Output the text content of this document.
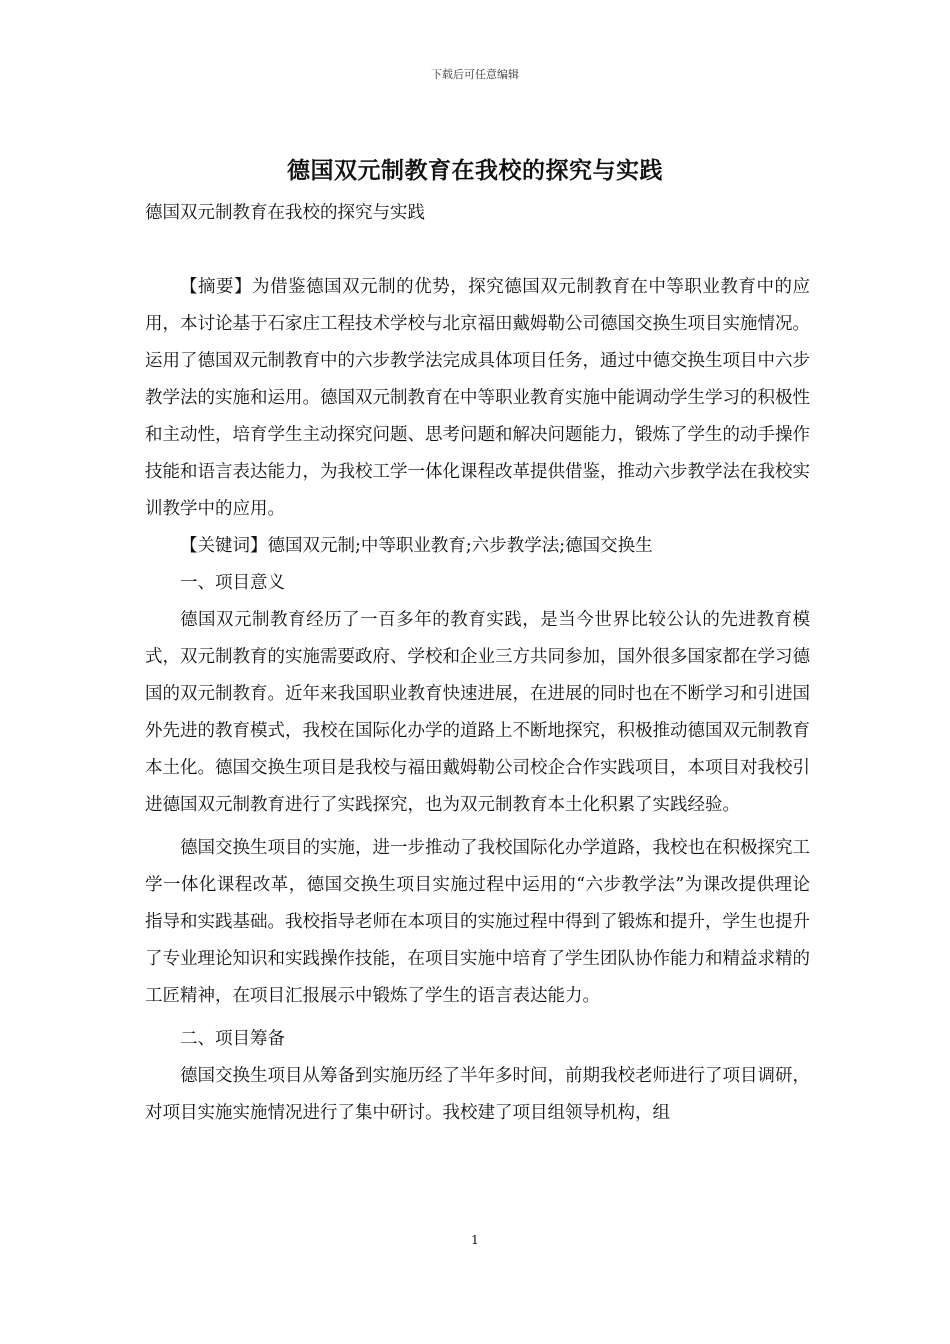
下载后可任意编辑
德国双元制教育在我校的探究与实践
德国双元制教育在我校的探究与实践

【摘要】为借鉴德国双元制的优势，探究德国双元制教育在中等职业教育中的应用，本讨论基于石家庄工程技术学校与北京福田戴姆勒公司德国交换生项目实施情况。运用了德国双元制教育中的六步教学法完成具体项目任务，通过中德交换生项目中六步教学法的实施和运用。德国双元制教育在中等职业教育实施中能调动学生学习的积极性和主动性，培育学生主动探究问题、思考问题和解决问题能力，锻炼了学生的动手操作技能和语言表达能力，为我校工学一体化课程改革提供借鉴，推动六步教学法在我校实训教学中的应用。

【关键词】德国双元制;中等职业教育;六步教学法;德国交换生

一、项目意义

德国双元制教育经历了一百多年的教育实践，是当今世界比较公认的先进教育模式，双元制教育的实施需要政府、学校和企业三方共同参加，国外很多国家都在学习德国的双元制教育。近年来我国职业教育快速进展，在进展的同时也在不断学习和引进国外先进的教育模式，我校在国际化办学的道路上不断地探究，积极推动德国双元制教育本土化。德国交换生项目是我校与福田戴姆勒公司校企合作实践项目，本项目对我校引进德国双元制教育进行了实践探究，也为双元制教育本土化积累了实践经验。

德国交换生项目的实施，进一步推动了我校国际化办学道路，我校也在积极探究工学一体化课程改革，德国交换生项目实施过程中运用的“六步教学法”为课改提供理论指导和实践基础。我校指导老师在本项目的实施过程中得到了锻炼和提升，学生也提升了专业理论知识和实践操作技能，在项目实施中培育了学生团队协作能力和精益求精的工匠精神，在项目汇报展示中锻炼了学生的语言表达能力。

二、项目筹备

德国交换生项目从筹备到实施历经了半年多时间，前期我校老师进行了项目调研，对项目实施实施情况进行了集中研讨。我校建了项目组领导机构，组

1
